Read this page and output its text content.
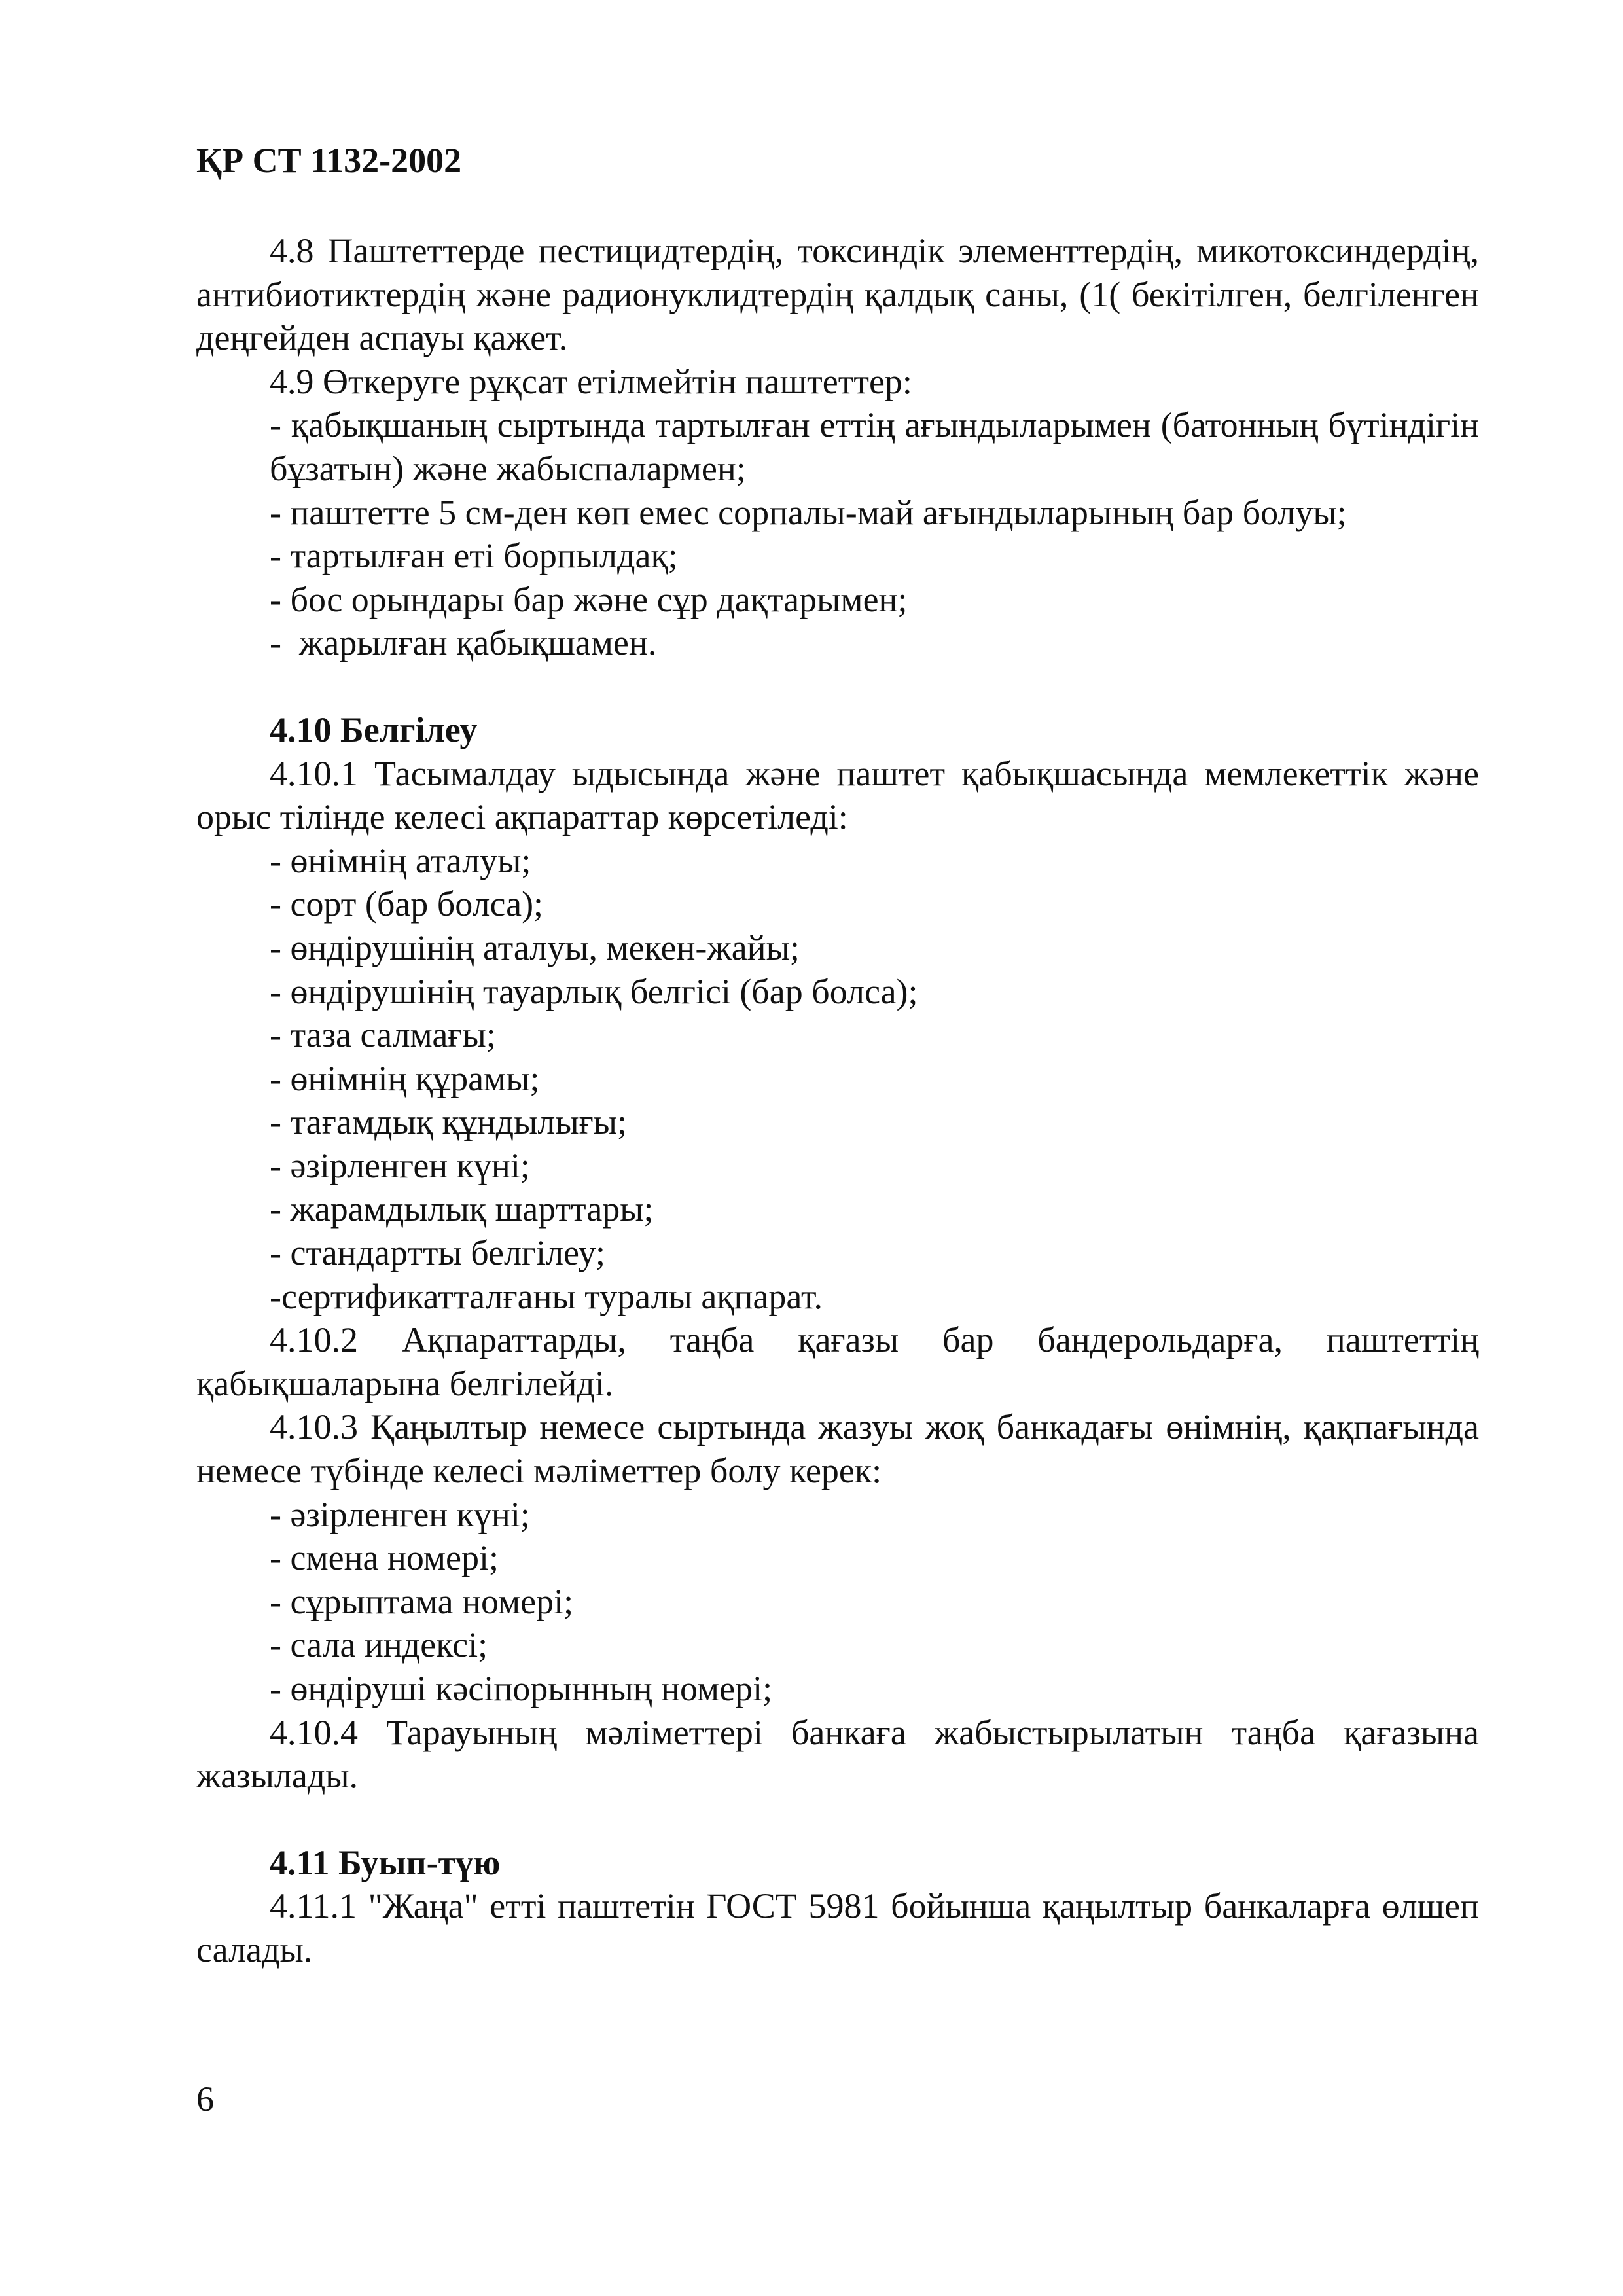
ҚР СТ 1132-2002

4.8 Паштеттерде пестицидтердің, токсиндік элементтердің, микотоксиндердің, антибиотиктердің және радионуклидтердің қалдық саны, (1( бекітілген, белгіленген деңгейден аспауы қажет.

4.9 Өткеруге рұқсат етілмейтін паштеттер:

- қабықшаның сыртында тартылған еттің ағындыларымен (батонның бүтіндігін бұзатын) және жабыспалармен;

- паштетте 5 см-ден көп емес сорпалы-май ағындыларының бар болуы;

- тартылған еті борпылдақ;

- бос орындары бар және сұр дақтарымен;

-  жарылған қабықшамен.

4.10 Белгілеу

4.10.1 Тасымалдау ыдысында және паштет қабықшасында мемлекеттік және орыс тілінде келесі ақпараттар көрсетіледі:

- өнімнің аталуы;

- сорт (бар болса);

- өндірушінің аталуы, мекен-жайы;

- өндірушінің тауарлық белгісі (бар болса);

- таза салмағы;

- өнімнің құрамы;

- тағамдық құндылығы;

- әзірленген күні;

- жарамдылық шарттары;

- стандартты белгілеу;

-сертификатталғаны туралы ақпарат.

4.10.2 Ақпараттарды, таңба қағазы бар бандерольдарға, паштеттің қабықшаларына белгілейді.

4.10.3 Қаңылтыр немесе сыртында жазуы жоқ банкадағы өнімнің, қақпағында немесе түбінде келесі мәліметтер болу керек:

- әзірленген күні;

- смена номері;

- сұрыптама номері;

- сала индексі;

- өндіруші кәсіпорынның номері;

4.10.4 Тарауының мәліметтері банкаға жабыстырылатын таңба қағазына жазылады.

4.11 Буып-түю

4.11.1 "Жаңа" етті паштетін ГОСТ 5981 бойынша қаңылтыр банкаларға өлшеп салады.

6
